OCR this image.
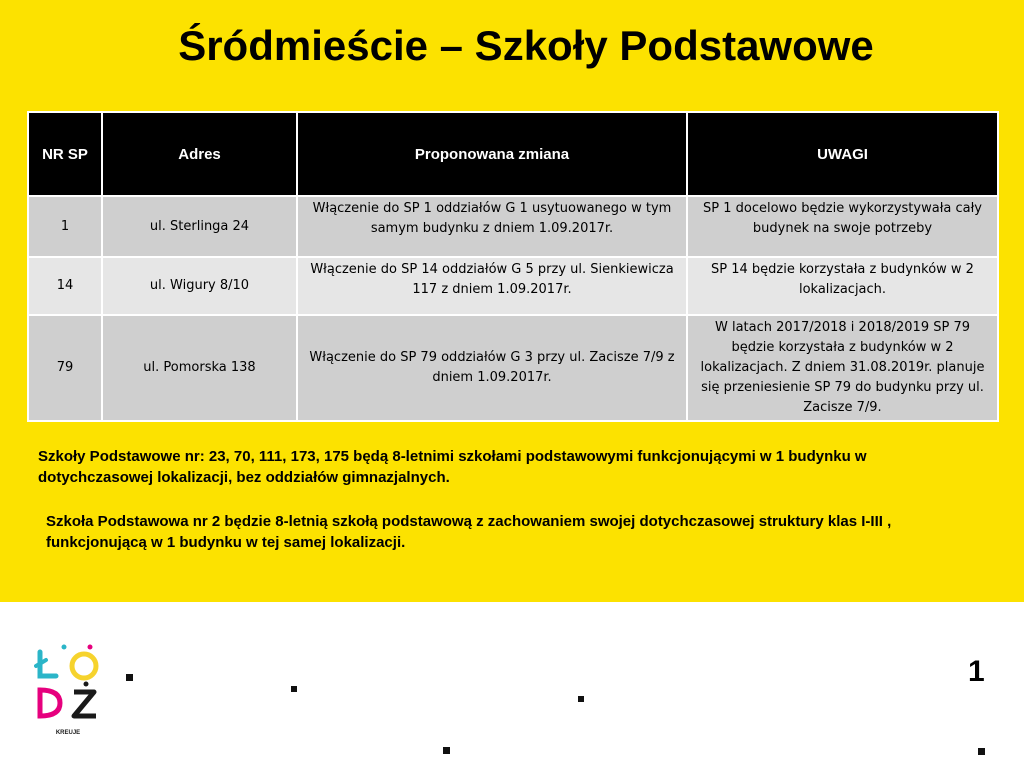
Śródmieście – Szkoły Podstawowe
NR SP	Adres	Proponowana zmiana	UWAGI
1	ul. Sterlinga 24	Włączenie do SP 1 oddziałów G 1 usytuowanego w tym samym budynku z dniem 1.09.2017r.	SP 1 docelowo będzie wykorzystywała cały budynek na swoje potrzeby
14	ul. Wigury 8/10	Włączenie do SP 14 oddziałów G 5 przy ul. Sienkiewicza 117 z dniem 1.09.2017r.	SP 14 będzie korzystała z budynków w 2 lokalizacjach.
79	ul. Pomorska 138	Włączenie do SP 79 oddziałów G 3 przy ul. Zacisze 7/9 z dniem 1.09.2017r.	W latach 2017/2018 i 2018/2019 SP 79 będzie korzystała z budynków w 2 lokalizacjach. Z dniem 31.08.2019r. planuje się przeniesienie SP 79 do budynku przy ul. Zacisze 7/9.
Szkoły Podstawowe nr: 23, 70, 111, 173, 175 będą 8-letnimi szkołami podstawowymi funkcjonującymi w 1 budynku w dotychczasowej lokalizacji, bez oddziałów gimnazjalnych.
Szkoła Podstawowa nr 2 będzie 8-letnią szkołą podstawową z zachowaniem swojej dotychczasowej struktury klas I-III , funkcjonującą w 1 budynku w tej samej lokalizacji.
KREUJE
1
